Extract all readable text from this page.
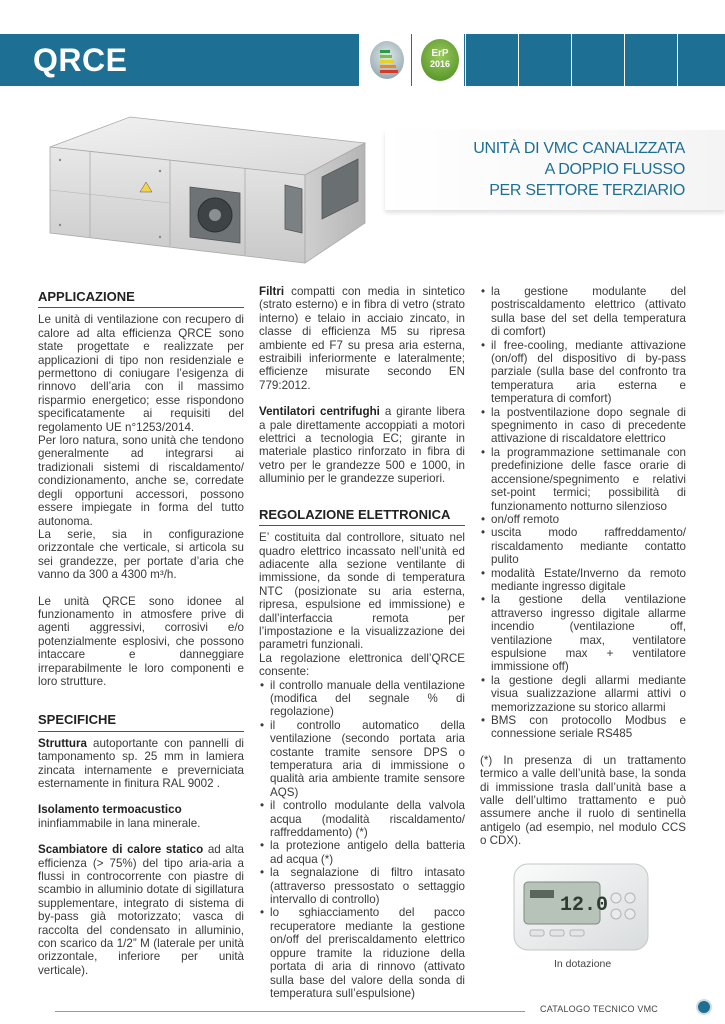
QRCE	ErP
2016
UNITÀ DI VMC CANALIZZATA
A DOPPIO FLUSSO
PER SETTORE TERZIARIO
APPLICAZIONE
Le unità di ventilazione con recupero di calore ad alta efficienza QRCE sono state progettate e realizzate per applicazioni di tipo non residenziale e permettono di coniugare l’esigenza di rinnovo dell’aria con il massimo risparmio energetico; esse rispondono specificatamente ai requisiti del regolamento UE n°1253/2014.
Per loro natura, sono unità che tendono generalmente ad integrarsi ai tradizionali sistemi di riscaldamento/ condizionamento, anche se, corredate degli opportuni accessori, possono essere impiegate in forma del tutto autonoma.
La serie, sia in configurazione orizzontale che verticale, si articola su sei grandezze, per portate d’aria che vanno da 300 a 4300 m³/h.
Le unità QRCE sono idonee al funzionamento in atmosfere prive di agenti aggressivi, corrosivi e/o potenzialmente esplosivi, che possono intaccare e danneggiare irreparabilmente le loro componenti e loro strutture.
SPECIFICHE
Struttura autoportante con pannelli di tamponamento sp. 25 mm in lamiera zincata internamente e preverniciata esternamente in finitura RAL 9002 .
Isolamento termoacustico
ininfiammabile in lana minerale.
Scambiatore di calore statico ad alta efficienza (> 75%) del tipo aria-aria a flussi in controcorrente con piastre di scambio in alluminio dotate di sigillatura supplementare, integrato di sistema di by-pass già motorizzato; vasca di raccolta del condensato in alluminio, con scarico da 1/2” M (laterale per unità orizzontale, inferiore per unità verticale).
Filtri compatti con media in sintetico (strato esterno) e in fibra di vetro (strato interno) e telaio in acciaio zincato, in classe di efficienza M5 su ripresa ambiente ed F7 su presa aria esterna, estraibili inferiormente e lateralmente; efficienze misurate secondo EN 779:2012.
Ventilatori centrifughi a girante libera a pale direttamente accoppiati a motori elettrici a tecnologia EC; girante in materiale plastico rinforzato in fibra di vetro per le grandezze 500 e 1000, in alluminio per le grandezze superiori.
REGOLAZIONE ELETTRONICA
E’ costituita dal controllore, situato nel quadro elettrico incassato nell’unità ed adiacente alla sezione ventilante di immissione, da sonde di temperatura NTC (posizionate su aria esterna, ripresa, espulsione ed immissione) e dall’interfaccia remota per l’impostazione e la visualizzazione dei parametri funzionali.
La regolazione elettronica dell’QRCE consente:
• il controllo manuale della ventilazione (modifica del segnale % di regolazione)
• il controllo automatico della ventilazione (secondo portata aria costante tramite sensore DPS o temperatura aria di immissione o qualità aria ambiente tramite sensore AQS)
• il controllo modulante della valvola acqua (modalità riscaldamento/ raffreddamento) (*)
• la protezione antigelo della batteria ad acqua (*)
• la segnalazione di filtro intasato (attraverso pressostato o settaggio intervallo di controllo)
• lo sghiacciamento del pacco recuperatore mediante la gestione on/off del preriscaldamento elettrico oppure tramite la riduzione della portata di aria di rinnovo (attivato sulla base del valore della sonda di temperatura sull’espulsione)
• la gestione modulante del postriscaldamento elettrico (attivato sulla base del set della temperatura di comfort)
• il free-cooling, mediante attivazione (on/off) del dispositivo di by-pass parziale (sulla base del confronto tra temperatura aria esterna e temperatura di comfort)
• la postventilazione dopo segnale di spegnimento in caso di precedente attivazione di riscaldatore elettrico
• la programmazione settimanale con predefinizione delle fasce orarie di accensione/spegnimento e relativi set-point termici; possibilità di funzionamento notturno silenzioso
• on/off remoto
• uscita modo raffreddamento/ riscaldamento mediante contatto pulito
• modalità Estate/Inverno da remoto mediante ingresso digitale
• la gestione della ventilazione attraverso ingresso digitale allarme incendio (ventilazione off, ventilazione max, ventilatore espulsione max + ventilatore immissione off)
• la gestione degli allarmi mediante visua sualizzazione allarmi attivi o memorizzazione su storico allarmi
• BMS con protocollo Modbus e connessione seriale RS485
(*) In presenza di un trattamento termico a valle dell’unità base, la sonda di immissione trasla dall’unità base a valle dell’ultimo trattamento e può assumere anche il ruolo di sentinella antigelo (ad esempio, nel modulo CCS o CDX).
12.0
In dotazione
CATALOGO TECNICO VMC
